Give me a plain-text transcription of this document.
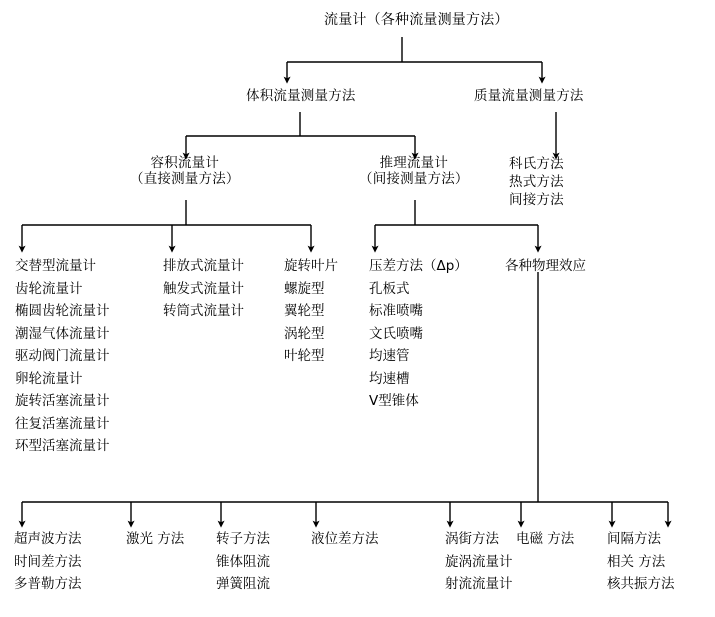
流量计（各种流量测量方法）
体积流量测量方法	质量流量测量方法
容积流量计
（直接测量方法）
推理流量计
（间接测量方法）
科氏方法
热式方法
间接方法
交替型流量计
齿轮流量计
椭圆齿轮流量计
潮湿气体流量计
驱动阀门流量计
卵轮流量计
旋转活塞流量计
往复活塞流量计
环型活塞流量计
排放式流量计
触发式流量计
转筒式流量计
旋转叶片
螺旋型
翼轮型
涡轮型
叶轮型
压差方法（Δp）
孔板式
标准喷嘴
文氏喷嘴
均速管
均速槽
Ⅴ型锥体
各种物理效应
超声波方法
时间差方法
多普勒方法
激光 方法 转子方法
锥体阻流
弹簧阻流
液位差方法	涡街方法
旋涡流量计
射流流量计
电磁 方法 间隔方法
相关 方法
核共振方法
